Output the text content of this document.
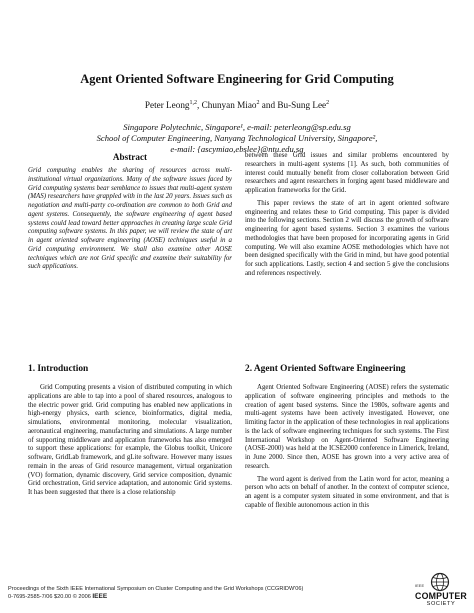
Agent Oriented Software Engineering for Grid Computing
Peter Leong$^{1,2}$, Chunyan Miao$^2$ and Bu-Sung Lee$^2$
Singapore Polytechnic, Singapore¹, e-mail: peterleong@sp.edu.sg
School of Computer Engineering, Nanyang Technological University, Singapore²,
e-mail: {ascymiao,ebslee}@ntu.edu.sg
Abstract

Grid computing enables the sharing of resources across multi-institutional virtual organizations. Many of the software issues faced by Grid computing systems bear semblance to issues that multi-agent system (MAS) researchers have grappled with in the last 20 years. Issues such as negotiation and multi-party co-ordination are common to both Grid and agent systems. Consequently, the software engineering of agent based systems could lead toward better approaches in creating large scale Grid computing software systems. In this paper, we will review the state of art in agent oriented software engineering (AOSE) techniques useful in a Grid computing environment. We shall also examine other AOSE techniques which are not Grid specific and examine their suitability for such applications.

between these Grid issues and similar problems encountered by researchers in multi-agent systems [1]. As such, both communities of interest could mutually benefit from closer collaboration between Grid researchers and agent researchers in forging agent based middleware and application frameworks for the Grid.

This paper reviews the state of art in agent oriented software engineering and relates these to Grid computing. This paper is divided into the following sections. Section 2 will discuss the growth of software engineering for agent based systems. Section 3 examines the various methodologies that have been proposed for incorporating agents in Grid computing. We will also examine AOSE methodologies which have not been designed specifically with the Grid in mind, but have good potential for such applications. Lastly, section 4 and section 5 give the conclusions and references respectively.

1. Introduction

Grid Computing presents a vision of distributed computing in which applications are able to tap into a pool of shared resources, analogous to the electric power grid. Grid computing has enabled new applications in high-energy physics, earth science, bioinformatics, digital media, simulations, environmental monitoring, molecular visualization, aeronautical engineering, manufacturing and simulations. A large number of supporting middleware and application frameworks has also emerged to support these applications: for example, the Globus toolkit, Unicore software, GridLab framework, and gLite software. However many issues remain in the areas of Grid resource management, virtual organization (VO) formation, dynamic discovery, Grid service composition, dynamic Grid orchestration, Grid service adaptation, and autonomic Grid systems. It has been suggested that there is a close relationship

2. Agent Oriented Software Engineering

Agent Oriented Software Engineering (AOSE) refers the systematic application of software engineering principles and methods to the creation of agent based systems. Since the 1980s, software agents and multi-agent systems have been actively investigated. However, one limiting factor in the application of these technologies in real applications is the lack of software engineering techniques for such systems. The First International Workshop on Agent-Oriented Software Engineering (AOSE-2000) was held at the ICSE2000 conference in Limerick, Ireland, in June 2000. Since then, AOSE has grown into a very active area of research.

The word agent is derived from the Latin word for actor, meaning a person who acts on behalf of another. In the context of computer science, an agent is a computer system situated in some environment, and that is capable of flexible autonomous action in this

Proceedings of the Sixth IEEE International Symposium on Cluster Computing and the Grid Workshops (CCGRIDW'06)
0-7695-2585-7/06 $20.00 © 2006 IEEE
IEEE
COMPUTER
SOCIETY
